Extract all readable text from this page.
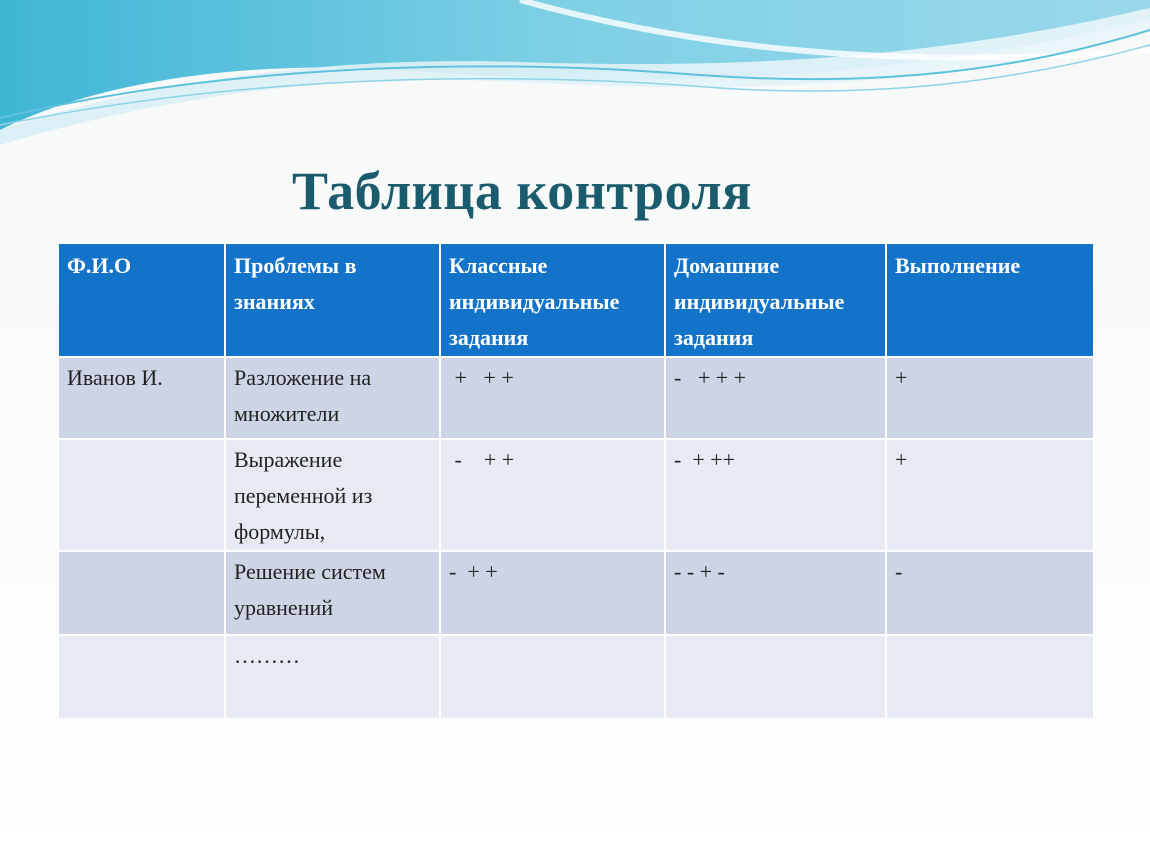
Таблица контроля
Ф.И.О	Проблемы в знаниях	Классные индивидуальные задания	Домашние индивидуальные задания	Выполнение
Иванов И.	Разложение на множители	+   + +	-   + + +	+
	Выражение переменной из формулы,	-    + +	-  + ++	+
	Решение систем уравнений	-  + +	- - + -	-
	………			
